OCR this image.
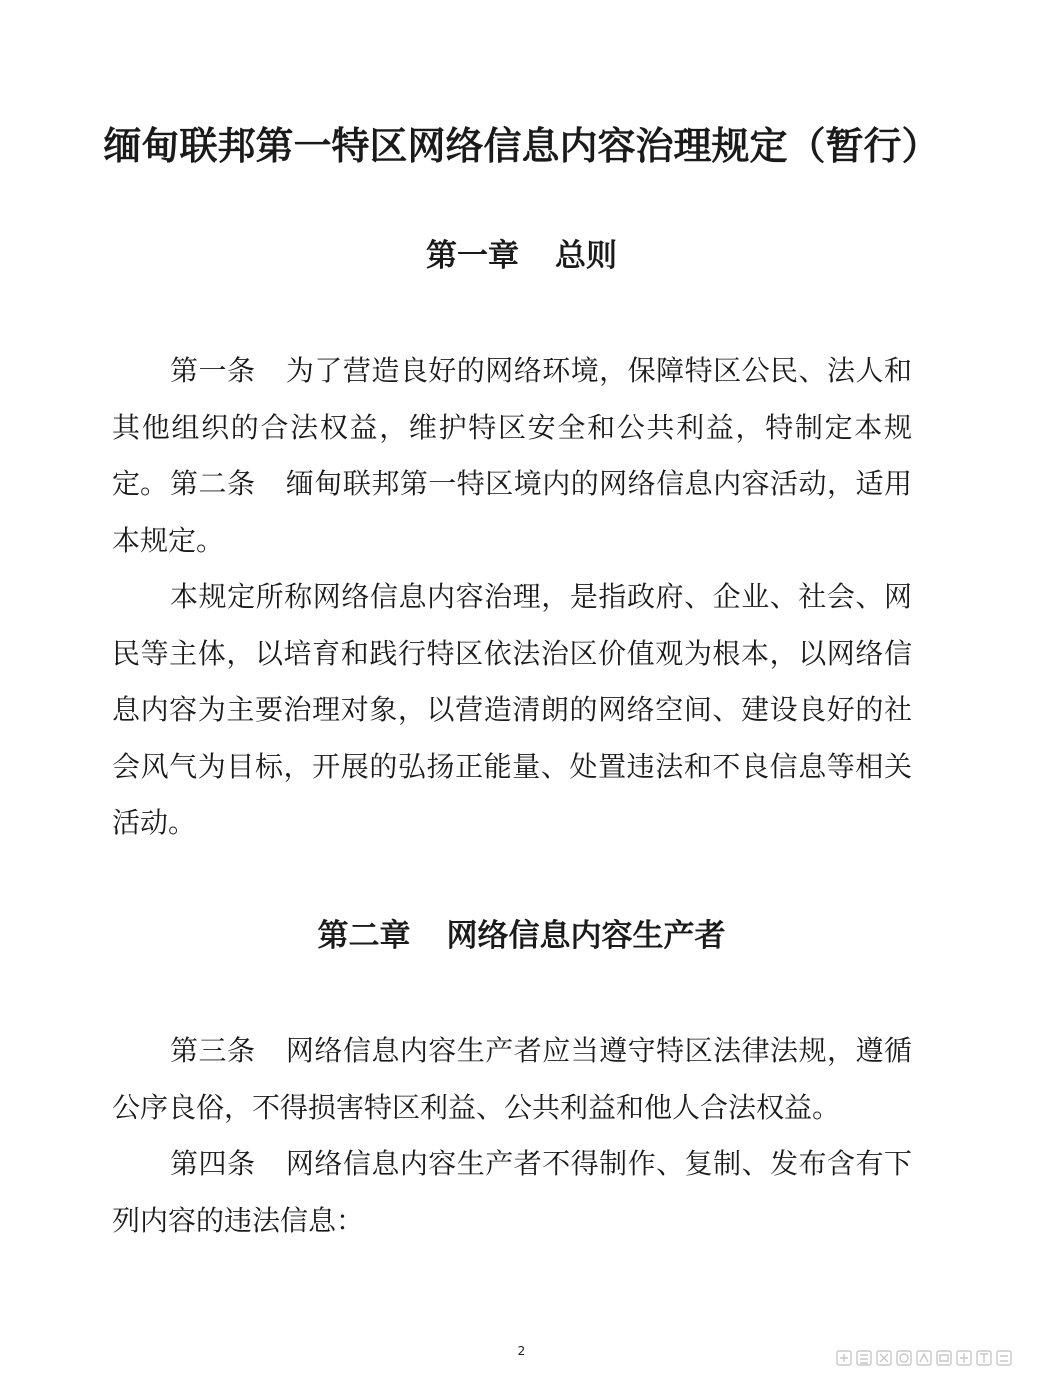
缅甸联邦第一特区网络信息内容治理规定（暂行）
第一章 总则

第一条 为了营造良好的网络环境，保障特区公民、法人和其他组织的合法权益，维护特区安全和公共利益，特制定本规定。 第二条 缅甸联邦第一特区境内的网络信息内容活动，适用本规定。

本规定所称网络信息内容治理，是指政府、企业、社会、网民等主体，以培育和践行特区依法治区价值观为根本，以网络信息内容为主要治理对象，以营造清朗的网络空间、建设良好的社会风气为目标，开展的弘扬正能量、处置违法和不良信息等相关活动。

第二章 网络信息内容生产者

第三条 网络信息内容生产者应当遵守特区法律法规，遵循公序良俗，不得损害特区利益、公共利益和他人合法权益。

第四条 网络信息内容生产者不得制作、复制、发布含有下列内容的违法信息：

2
